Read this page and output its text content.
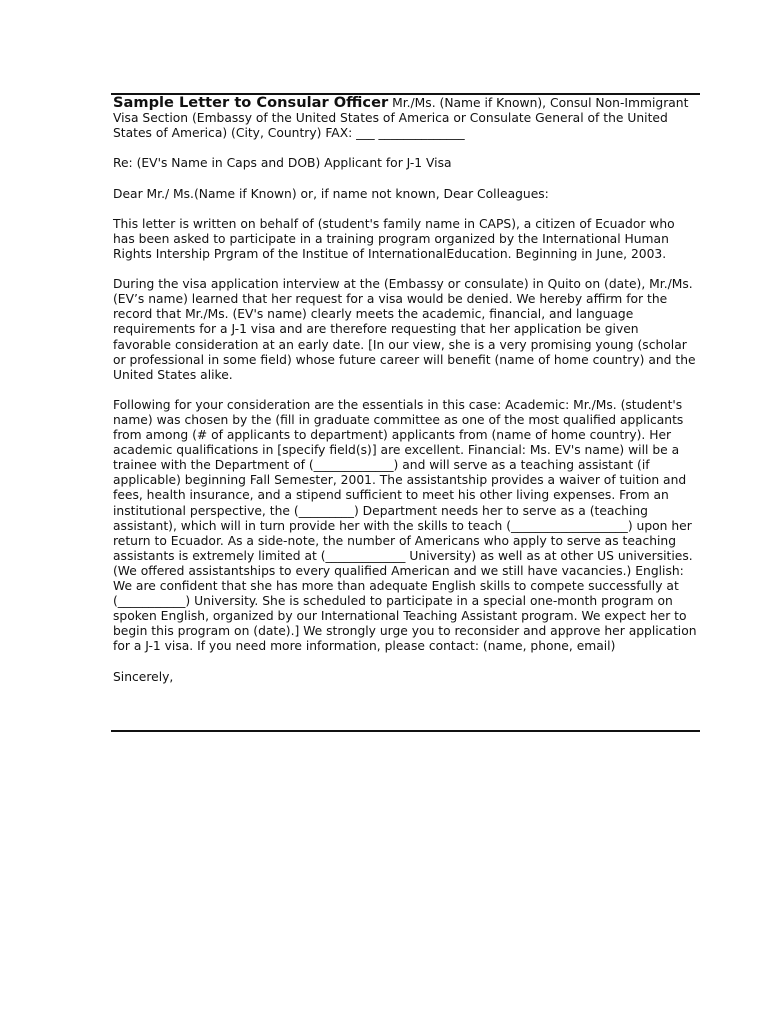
Sample Letter to Consular Officer Mr./Ms. (Name if Known), Consul Non-Immigrant Visa Section (Embassy of the United States of America or Consulate General of the United States of America) (City, Country) FAX: ___ ______________

Re: (EV's Name in Caps and DOB) Applicant for J-1 Visa

Dear Mr./ Ms.(Name if Known) or, if name not known, Dear Colleagues:

This letter is written on behalf of (student's family name in CAPS), a citizen of Ecuador who has been asked to participate in a training program organized by the International Human Rights Intership Prgram of the Institue of InternationalEducation. Beginning in June, 2003.

During the visa application interview at the (Embassy or consulate) in Quito on (date), Mr./Ms.(EV’s name) learned that her request for a visa would be denied. We hereby affirm for the record that Mr./Ms. (EV's name) clearly meets the academic, financial, and language requirements for a J-1 visa and are therefore requesting that her application be given favorable consideration at an early date. [In our view, she is a very promising young (scholar or professional in some field) whose future career will benefit (name of home country) and the United States alike.

Following for your consideration are the essentials in this case: Academic: Mr./Ms. (student's name) was chosen by the (fill in graduate committee as one of the most qualified applicants from among (# of applicants to department) applicants from (name of home country). Her academic qualifications in [specify field(s)] are excellent. Financial: Ms. EV's name) will be a trainee with the Department of (_____________) and will serve as a teaching assistant (if applicable) beginning Fall Semester, 2001. The assistantship provides a waiver of tuition and fees, health insurance, and a stipend sufficient to meet his other living expenses. From an institutional perspective, the (_________) Department needs her to serve as a (teaching assistant), which will in turn provide her with the skills to teach (___________________) upon her return to Ecuador. As a side-note, the number of Americans who apply to serve as teaching assistants is extremely limited at (_____________ University) as well as at other US universities. (We offered assistantships to every qualified American and we still have vacancies.) English: We are confident that she has more than adequate English skills to compete successfully at (___________) University. She is scheduled to participate in a special one-month program on spoken English, organized by our International Teaching Assistant program. We expect her to begin this program on (date).] We strongly urge you to reconsider and approve her application for a J-1 visa. If you need more information, please contact: (name, phone, email)

Sincerely,
